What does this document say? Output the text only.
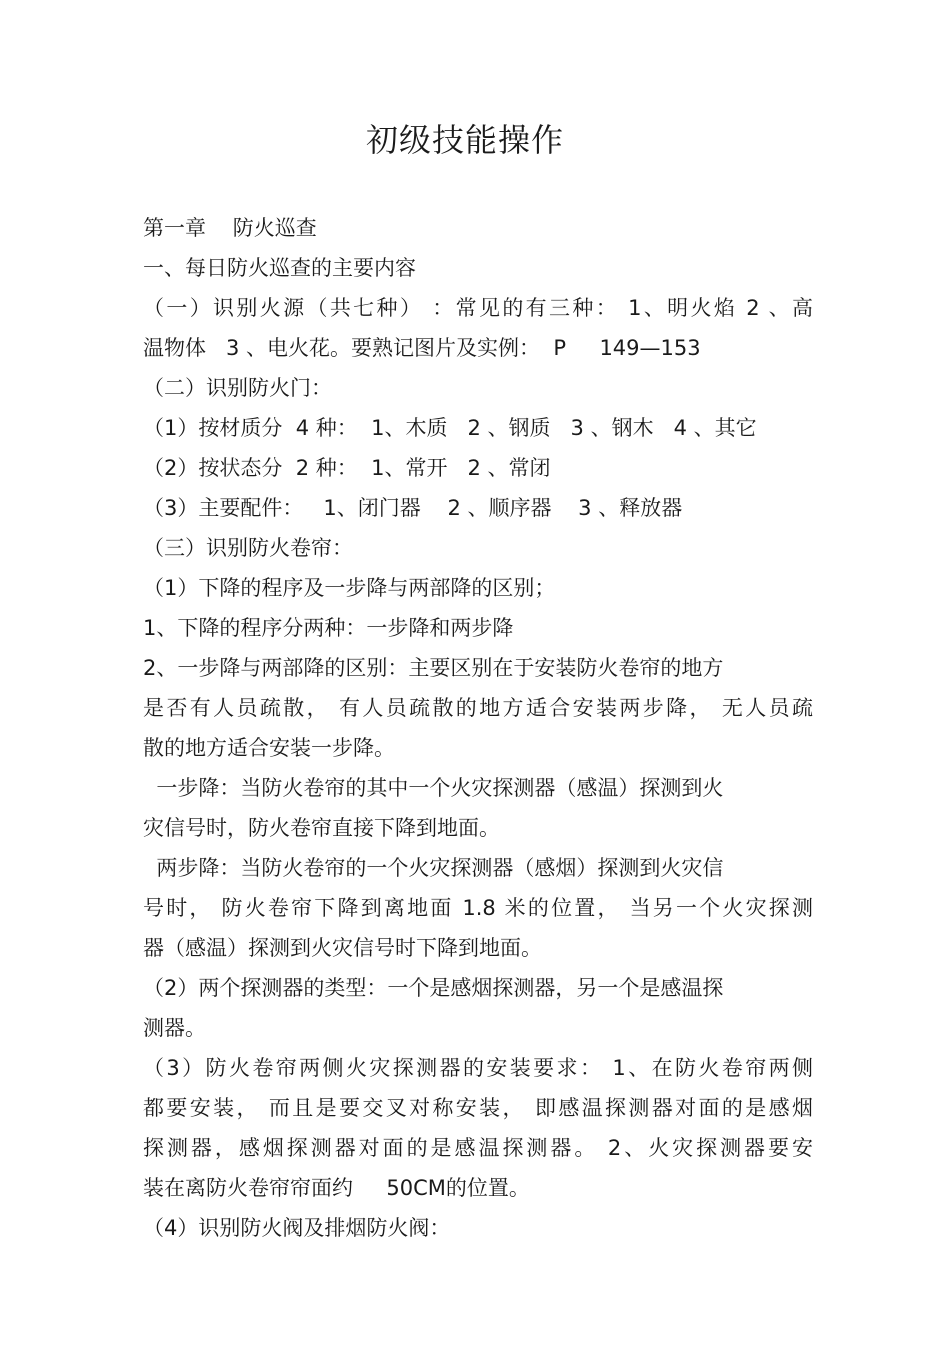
初级技能操作
第一章    防火巡查
一、每日防火巡查的主要内容
（一）识别火源（共七种） ：常见的有三种： 1、明火焰 2 、高
温物体   3 、电火花。要熟记图片及实例：  P     149—153
（二）识别防火门：
（1）按材质分  4 种：  1、木质   2 、钢质   3 、钢木   4 、其它
（2）按状态分  2 种：  1、常开   2 、常闭
（3）主要配件：   1、闭门器    2 、顺序器    3 、释放器
（三）识别防火卷帘：
（1）下降的程序及一步降与两部降的区别；
1、下降的程序分两种：一步降和两步降
2、一步降与两部降的区别：主要区别在于安装防火卷帘的地方
是否有人员疏散， 有人员疏散的地方适合安装两步降， 无人员疏
散的地方适合安装一步降。
一步降：当防火卷帘的其中一个火灾探测器（感温）探测到火
灾信号时，防火卷帘直接下降到地面。
两步降：当防火卷帘的一个火灾探测器（感烟）探测到火灾信
号时， 防火卷帘下降到离地面 1.8 米的位置， 当另一个火灾探测
器（感温）探测到火灾信号时下降到地面。
（2）两个探测器的类型：一个是感烟探测器，另一个是感温探
测器。
（3）防火卷帘两侧火灾探测器的安装要求： 1、在防火卷帘两侧
都要安装， 而且是要交叉对称安装， 即感温探测器对面的是感烟
探测器，感烟探测器对面的是感温探测器。 2、火灾探测器要安
装在离防火卷帘帘面约     50CM的位置。
（4）识别防火阀及排烟防火阀：
